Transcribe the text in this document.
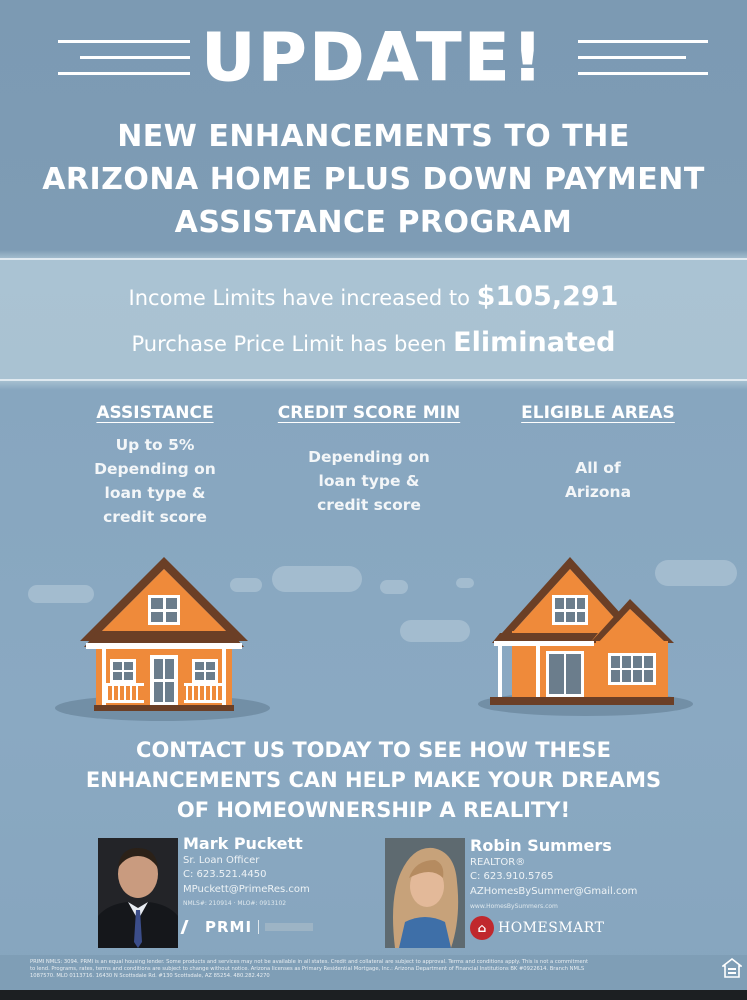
UPDATE!
NEW ENHANCEMENTS TO THE
ARIZONA HOME PLUS DOWN PAYMENT
ASSISTANCE PROGRAM
Income Limits have increased to $105,291
Purchase Price Limit has been Eliminated
ASSISTANCE
Up to 5%
Depending on
loan type &
credit score
CREDIT SCORE MIN
Depending on
loan type &
credit score
ELIGIBLE AREAS
All of
Arizona
CONTACT US TODAY TO SEE HOW THESE
ENHANCEMENTS CAN HELP MAKE YOUR DREAMS
OF HOMEOWNERSHIP A REALITY!
Mark Puckett
Sr. Loan Officer
C: 623.521.4450
MPuckett@PrimeRes.com
NMLS#: 210914 · MLO#: 0913102
PRMI
Robin Summers
REALTOR®
C: 623.910.5765
AZHomesBySummer@Gmail.com
www.HomesBySummers.com
⌂ HOMESMART
PRIMI NMLS: 3094. PRMI is an equal housing lender. Some products and services may not be available in all states. Credit and collateral are subject to approval. Terms and conditions apply. This is not a commitment
to lend. Programs, rates, terms and conditions are subject to change without notice. Arizona licenses as Primary Residential Mortgage, Inc.: Arizona Department of Financial Institutions BK #0922614. Branch NMLS
1087570. MLO 0113716. 16430 N Scottsdale Rd. #130 Scottsdale, AZ 85254. 480.282.4270
